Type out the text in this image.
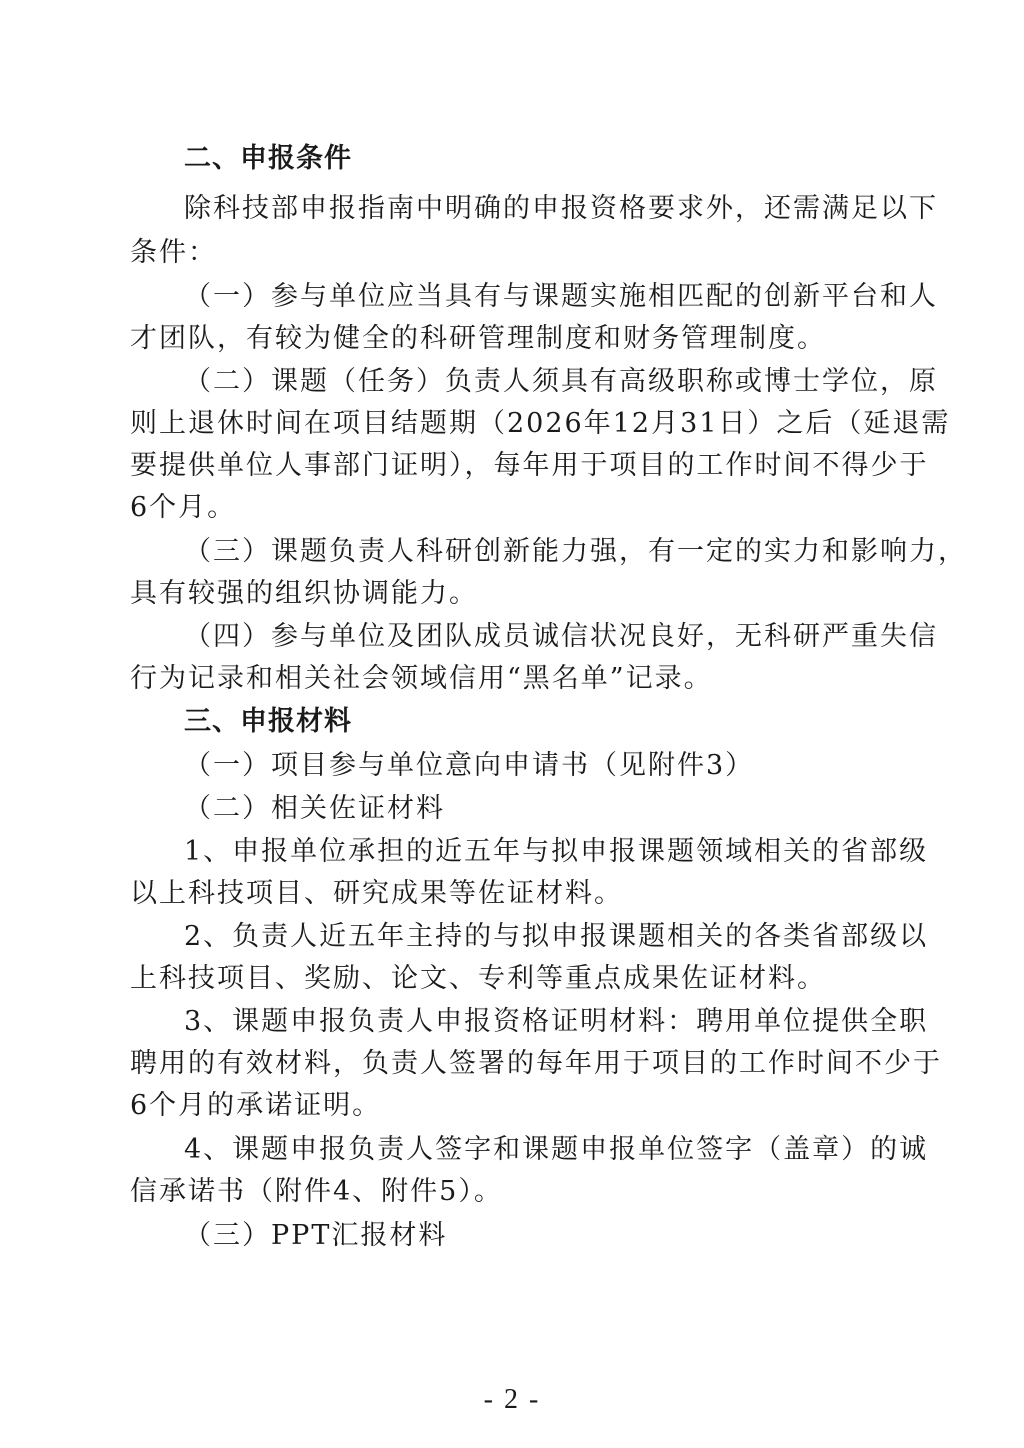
二、申报条件
除科技部申报指南中明确的申报资格要求外，还需满足以下
条件：
（一）参与单位应当具有与课题实施相匹配的创新平台和人
才团队，有较为健全的科研管理制度和财务管理制度。
（二）课题（任务）负责人须具有高级职称或博士学位，原
则上退休时间在项目结题期（2026年12月31日）之后（延退需
要提供单位人事部门证明），每年用于项目的工作时间不得少于
6个月。
（三）课题负责人科研创新能力强，有一定的实力和影响力，
具有较强的组织协调能力。
（四）参与单位及团队成员诚信状况良好，无科研严重失信
行为记录和相关社会领域信用“黑名单”记录。
三、申报材料
（一）项目参与单位意向申请书（见附件3）
（二）相关佐证材料
1、申报单位承担的近五年与拟申报课题领域相关的省部级
以上科技项目、研究成果等佐证材料。
2、负责人近五年主持的与拟申报课题相关的各类省部级以
上科技项目、奖励、论文、专利等重点成果佐证材料。
3、课题申报负责人申报资格证明材料：聘用单位提供全职
聘用的有效材料，负责人签署的每年用于项目的工作时间不少于
6个月的承诺证明。
4、课题申报负责人签字和课题申报单位签字（盖章）的诚
信承诺书（附件4、附件5）。
（三）PPT汇报材料
- 2 -
